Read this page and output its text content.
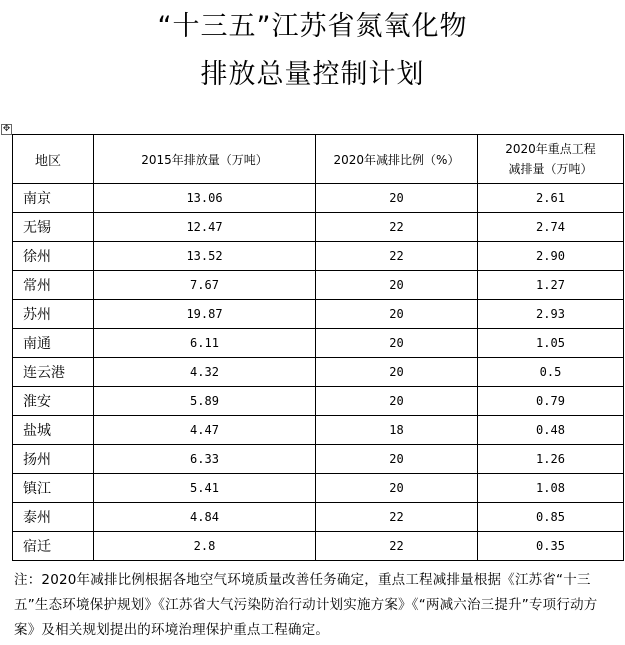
“十三五”江苏省氮氧化物
排放总量控制计划
✥
地区	2015年排放量（万吨）	2020年减排比例（%）	2020年重点工程
减排量（万吨）

南京	13.06	20	2.61
无锡	12.47	22	2.74
徐州	13.52	22	2.90
常州	7.67	20	1.27
苏州	19.87	20	2.93
南通	6.11	20	1.05
连云港	4.32	20	0.5
淮安	5.89	20	0.79
盐城	4.47	18	0.48
扬州	6.33	20	1.26
镇江	5.41	20	1.08
泰州	4.84	22	0.85
宿迁	2.8	22	0.35
注：2020年减排比例根据各地空气环境质量改善任务确定，重点工程减排量根据《江苏省“十三五”生态环境保护规划》《江苏省大气污染防治行动计划实施方案》《“两减六治三提升”专项行动方案》及相关规划提出的环境治理保护重点工程确定。
